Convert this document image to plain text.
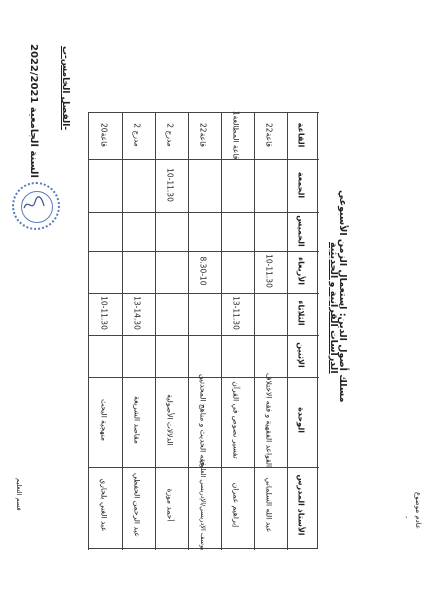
السنة الجامعية 2022/2021
الفصل الخامس-ب-
مسلك أصول الدين: استعمال الزمن الأسبوعي
الدراسات القرآنية و الحديثية
عادم موضوع
-
قسم التعليم
القاعة
الجمعة
الخميس
الأربعاء
الثلاثاء
الإثنين
الوحدة
الأستاذ المدرس
قاعة22
10-11.30
القواعد الفقهية و فقه الاختلاف
عبد الله السلماني
قاعة المطالعة1
13-11.30
تفسير نصوص في القرآن
إبراهيم عمران
قاعة22
8.30-10
فقه الحديث و مناهج المحدثين
يوسف الإدريسي/الإدريسي العلوي
مدرج 2
10-11.30
الدلالات الأصولية
أحمد موزة
مدرج 2
13-14.30
مقاصد الشريعة
عبد الرحمن الحفظي
قاعة20
10-11.30
منهجية البحث
عبد الغني بلحاري
